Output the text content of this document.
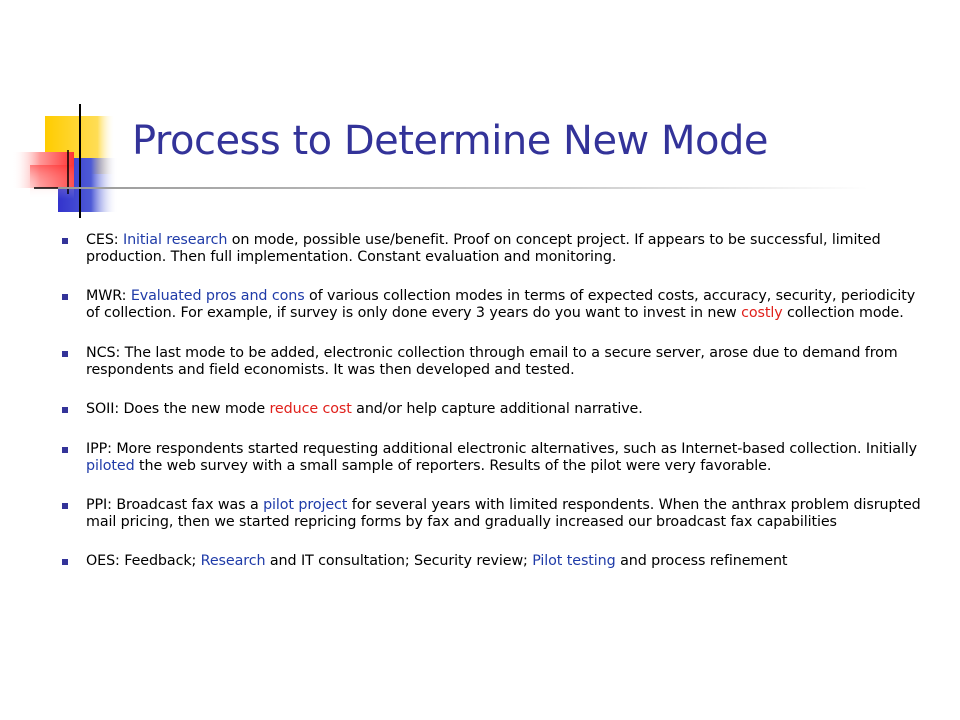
Process to Determine New Mode
CES: Initial research on mode, possible use/benefit. Proof on concept project. If appears to be successful, limited production. Then full implementation. Constant evaluation and monitoring.
MWR: Evaluated pros and cons of various collection modes in terms of expected costs, accuracy, security, periodicity of collection. For example, if survey is only done every 3 years do you want to invest in new costly collection mode.
NCS: The last mode to be added, electronic collection through email to a secure server, arose due to demand from respondents and field economists. It was then developed and tested.
SOII: Does the new mode reduce cost and/or help capture additional narrative.
IPP: More respondents started requesting additional electronic alternatives, such as Internet-based collection. Initially piloted the web survey with a small sample of reporters. Results of the pilot were very favorable.
PPI: Broadcast fax was a pilot project for several years with limited respondents. When the anthrax problem disrupted mail pricing, then we started repricing forms by fax and gradually increased our broadcast fax capabilities
OES: Feedback; Research and IT consultation; Security review; Pilot testing and process refinement
